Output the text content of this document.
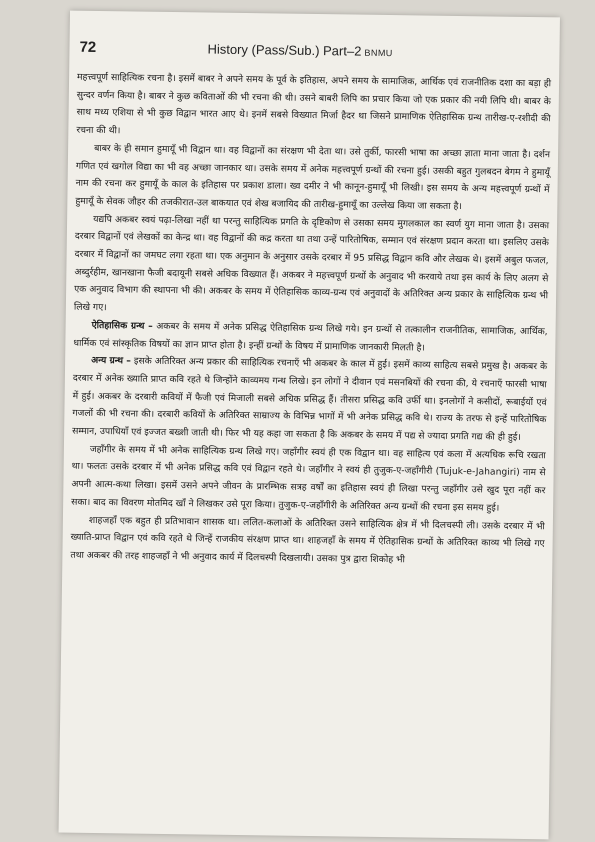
72	History (Pass/Sub.) Part–2 BNMU

महत्त्वपूर्ण साहित्यिक रचना है। इसमें बाबर ने अपने समय के पूर्व के इतिहास, अपने समय के सामाजिक, आर्थिक एवं राजनीतिक दशा का बड़ा ही सुन्दर वर्णन किया है। बाबर ने कुछ कविताओं की भी रचना की थी। उसने बाबरी लिपि का प्रचार किया जो एक प्रकार की नयी लिपि थी। बाबर के साथ मध्य एशिया से भी कुछ विद्वान भारत आए थे। इनमें सबसे विख्यात मिर्जा हैदर था जिसने प्रामाणिक ऐतिहासिक ग्रन्थ तारीख-ए-रशीदी की रचना की थी।

बाबर के ही समान हुमायूँ भी विद्वान था। वह विद्वानों का संरक्षण भी देता था। उसे तुर्की, फारसी भाषा का अच्छा ज्ञाता माना जाता है। दर्शन गणित एवं खगोल विद्या का भी वह अच्छा जानकार था। उसके समय में अनेक महत्त्वपूर्ण ग्रन्थों की रचना हुई। उसकी बहुत गुलबदन बेगम ने हुमायूँ नाम की रचना कर हुमायूँ के काल के इतिहास पर प्रकाश डाला। ख्व दमीर ने भी कानून-हुमायूँ भी लिखी। इस समय के अन्य महत्त्वपूर्ण ग्रन्थों में हुमायूँ के सेवक जौहर की तजकीरात-उल बाकयात एवं शेख बजायिद की तारीख-हुमायूँ का उल्लेख किया जा सकता है।

यद्यपि अकबर स्वयं पढ़ा-लिखा नहीं था परन्तु साहित्यिक प्रगति के दृष्टिकोण से उसका समय मुगलकाल का स्वर्ण युग माना जाता है। उसका दरबार विद्वानों एवं लेखकों का केन्द्र था। वह विद्वानों की कद्र करता था तथा उन्हें पारितोषिक, सम्मान एवं संरक्षण प्रदान करता था। इसलिए उसके दरबार में विद्वानों का जमघट लगा रहता था। एक अनुमान के अनुसार उसके दरबार में 95 प्रसिद्ध विद्वान कवि और लेखक थे। इसमें अबुल फजल, अब्दुर्रहीम, खानखाना फैजी बदायूनी सबसे अधिक विख्यात हैं। अकबर ने महत्त्वपूर्ण ग्रन्थों के अनुवाद भी करवाये तथा इस कार्य के लिए अलग से एक अनुवाद विभाग की स्थापना भी की। अकबर के समय में ऐतिहासिक काव्य-ग्रन्थ एवं अनुवादों के अतिरिक्त अन्य प्रकार के साहित्यिक ग्रन्थ भी लिखे गए।

ऐतिहासिक ग्रन्थ – अकबर के समय में अनेक प्रसिद्ध ऐतिहासिक ग्रन्थ लिखे गये। इन ग्रन्थों से तत्कालीन राजनीतिक, सामाजिक, आर्थिक, धार्मिक एवं सांस्कृतिक विषयों का ज्ञान प्राप्त होता है। इन्हीं ग्रन्थों के विषय में प्रामाणिक जानकारी मिलती है।

अन्य ग्रन्थ – इसके अतिरिक्त अन्य प्रकार की साहित्यिक रचनाएँ भी अकबर के काल में हुई। इसमें काव्य साहित्य सबसे प्रमुख है। अकबर के दरबार में अनेक ख्याति प्राप्त कवि रहते थे जिन्होंने काव्यमय गन्थ लिखे। इन लोगों ने दीवान एवं मसनबियों की रचना की, ये रचनाएँ फारसी भाषा में हुई। अकबर के दरबारी कवियों में फैजी एवं मिजाली सबसे अधिक प्रसिद्ध हैं। तीसरा प्रसिद्ध कवि उर्फी था। इनलोगों ने कसीदों, रूबाईयों एवं गजलों की भी रचना की। दरबारी कवियों के अतिरिक्त साम्राज्य के विभिन्न भागों में भी अनेक प्रसिद्ध कवि थे। राज्य के तरफ से इन्हें पारितोषिक सम्मान, उपाधियाँ एवं इज्जत बख्शी जाती थी। फिर भी यह कहा जा सकता है कि अकबर के समय में पद्य से ज्यादा प्रगति गद्य की ही हुई।

जहाँगीर के समय में भी अनेक साहित्यिक ग्रन्थ लिखे गए। जहाँगीर स्वयं ही एक विद्वान था। वह साहित्य एवं कला में अत्यधिक रूचि रखता था। फलतः उसके दरबार में भी अनेक प्रसिद्ध कवि एवं विद्वान रहते थे। जहाँगीर ने स्वयं ही तुजुक-ए-जहाँगीरी (Tujuk-e-Jahangiri) नाम से अपनी आत्म-कथा लिखा। इसमें उसने अपने जीवन के प्रारम्भिक सत्रह वर्षों का इतिहास स्वयं ही लिखा परन्तु जहाँगीर उसे खुद पूरा नहीं कर सका। बाद का विवरण मोतमिद खाँ ने लिखकर उसे पूरा किया। तुजुक-ए-जहाँगीरी के अतिरिक्त अन्य ग्रन्थों की रचना इस समय हुई।

शाहजहाँ एक बहुत ही प्रतिभावान शासक था। ललित-कलाओं के अतिरिक्त उसने साहित्यिक क्षेत्र में भी दिलचस्पी ली। उसके दरबार में भी ख्याति-प्राप्त विद्वान एवं कवि रहते थे जिन्हें राजकीय संरक्षण प्राप्त था। शाहजहाँ के समय में ऐतिहासिक ग्रन्थों के अतिरिक्त काव्य भी लिखे गए तथा अकबर की तरह शाहजहाँ ने भी अनुवाद कार्य में दिलचस्पी दिखलायी। उसका पुत्र द्वारा शिकोह भी
